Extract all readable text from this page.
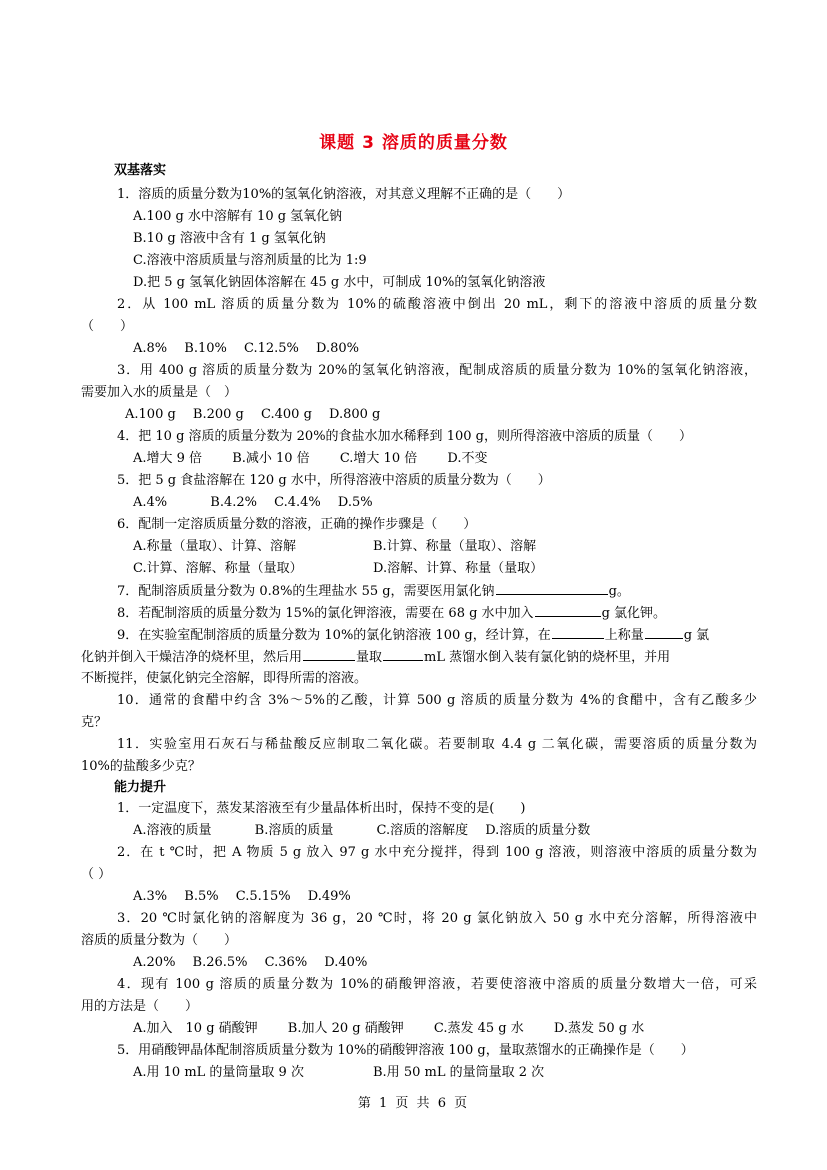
课题 3 溶质的质量分数
双基落实
1．溶质的质量分数为10%的氢氧化钠溶液，对其意义理解不正确的是（　　）
A.100 g 水中溶解有 10 g 氢氧化钠
B.10 g 溶液中含有 1 g 氢氧化钠
C.溶液中溶质质量与溶剂质量的比为 1:9
D.把 5 g 氢氧化钠固体溶解在 45 g 水中，可制成 10%的氢氧化钠溶液
2．从 100 mL 溶质的质量分数为 10%的硫酸溶液中倒出 20 mL，剩下的溶液中溶质的质量分数
（　　）
A.8%　 B.10%　 C.12.5%　 D.80%
3．用 400 g 溶质的质量分数为 20%的氢氧化钠溶液，配制成溶质的质量分数为 10%的氢氧化钠溶液，
需要加入水的质量是（　）
A.100 g　 B.200 g　 C.400 g　 D.800 g
4．把 10 g 溶质的质量分数为 20%的食盐水加水稀释到 100 g，则所得溶液中溶质的质量（　　）
A.增大 9 倍　　 B.减小 10 倍　　 C.增大 10 倍　　 D.不变
5．把 5 g 食盐溶解在 120 g 水中，所得溶液中溶质的质量分数为（　　）
A.4%　　　 B.4.2%　 C.4.4%　 D.5%
6．配制一定溶质质量分数的溶液，正确的操作步骤是（　　）
A.称量（量取）、计算、溶解	B.计算、称量（量取）、溶解
C.计算、溶解、称量（量取）	D.溶解、计算、称量（量取）
7．配制溶质质量分数为 0.8%的生理盐水 55 g，需要医用氯化钠	g。
8．若配制溶质的质量分数为 15%的氯化钾溶液，需要在 68 g 水中加入	g 氯化钾。
9．在实验室配制溶质的质量分数为 10%的氯化钠溶液 100 g，经计算，在	上称量	g 氯
化钠并倒入干燥洁净的烧杯里，然后用	量取	mL 蒸馏水倒入装有氯化钠的烧杯里，并用
不断搅拌，使氯化钠完全溶解，即得所需的溶液。
10．通常的食醋中约含 3%～5%的乙酸，计算 500 g 溶质的质量分数为 4%的食醋中，含有乙酸多少
克？
11．实验室用石灰石与稀盐酸反应制取二氧化碳。若要制取 4.4 g 二氧化碳，需要溶质的质量分数为
10%的盐酸多少克？
能力提升
1．一定温度下，蒸发某溶液至有少量晶体析出时，保持不变的是(　　)
A.溶液的质量　　　 B.溶质的质量　　　 C.溶质的溶解度　 D.溶质的质量分数
2．在 t ℃时，把 A 物质 5 g 放入 97 g 水中充分搅拌，得到 100 g 溶液，则溶液中溶质的质量分数为
（ ）
A.3%　 B.5%　 C.5.15%　 D.49%
3．20 ℃时氯化钠的溶解度为 36 g，20 ℃时，将 20 g 氯化钠放入 50 g 水中充分溶解，所得溶液中
溶质的质量分数为（　　）
A.20%　 B.26.5%　 C.36%　 D.40%
4．现有 100 g 溶质的质量分数为 10%的硝酸钾溶液，若要使溶液中溶质的质量分数增大一倍，可采
用的方法是（　　）
A.加入　10 g 硝酸钾　　 B.加人 20 g 硝酸钾　　 C.蒸发 45 g 水　　 D.蒸发 50 g 水
5．用硝酸钾晶体配制溶质质量分数为 10%的硝酸钾溶液 100 g，量取蒸馏水的正确操作是（　　）
A.用 10 mL 的量筒量取 9 次	B.用 50 mL 的量筒量取 2 次
第 1 页 共 6 页
